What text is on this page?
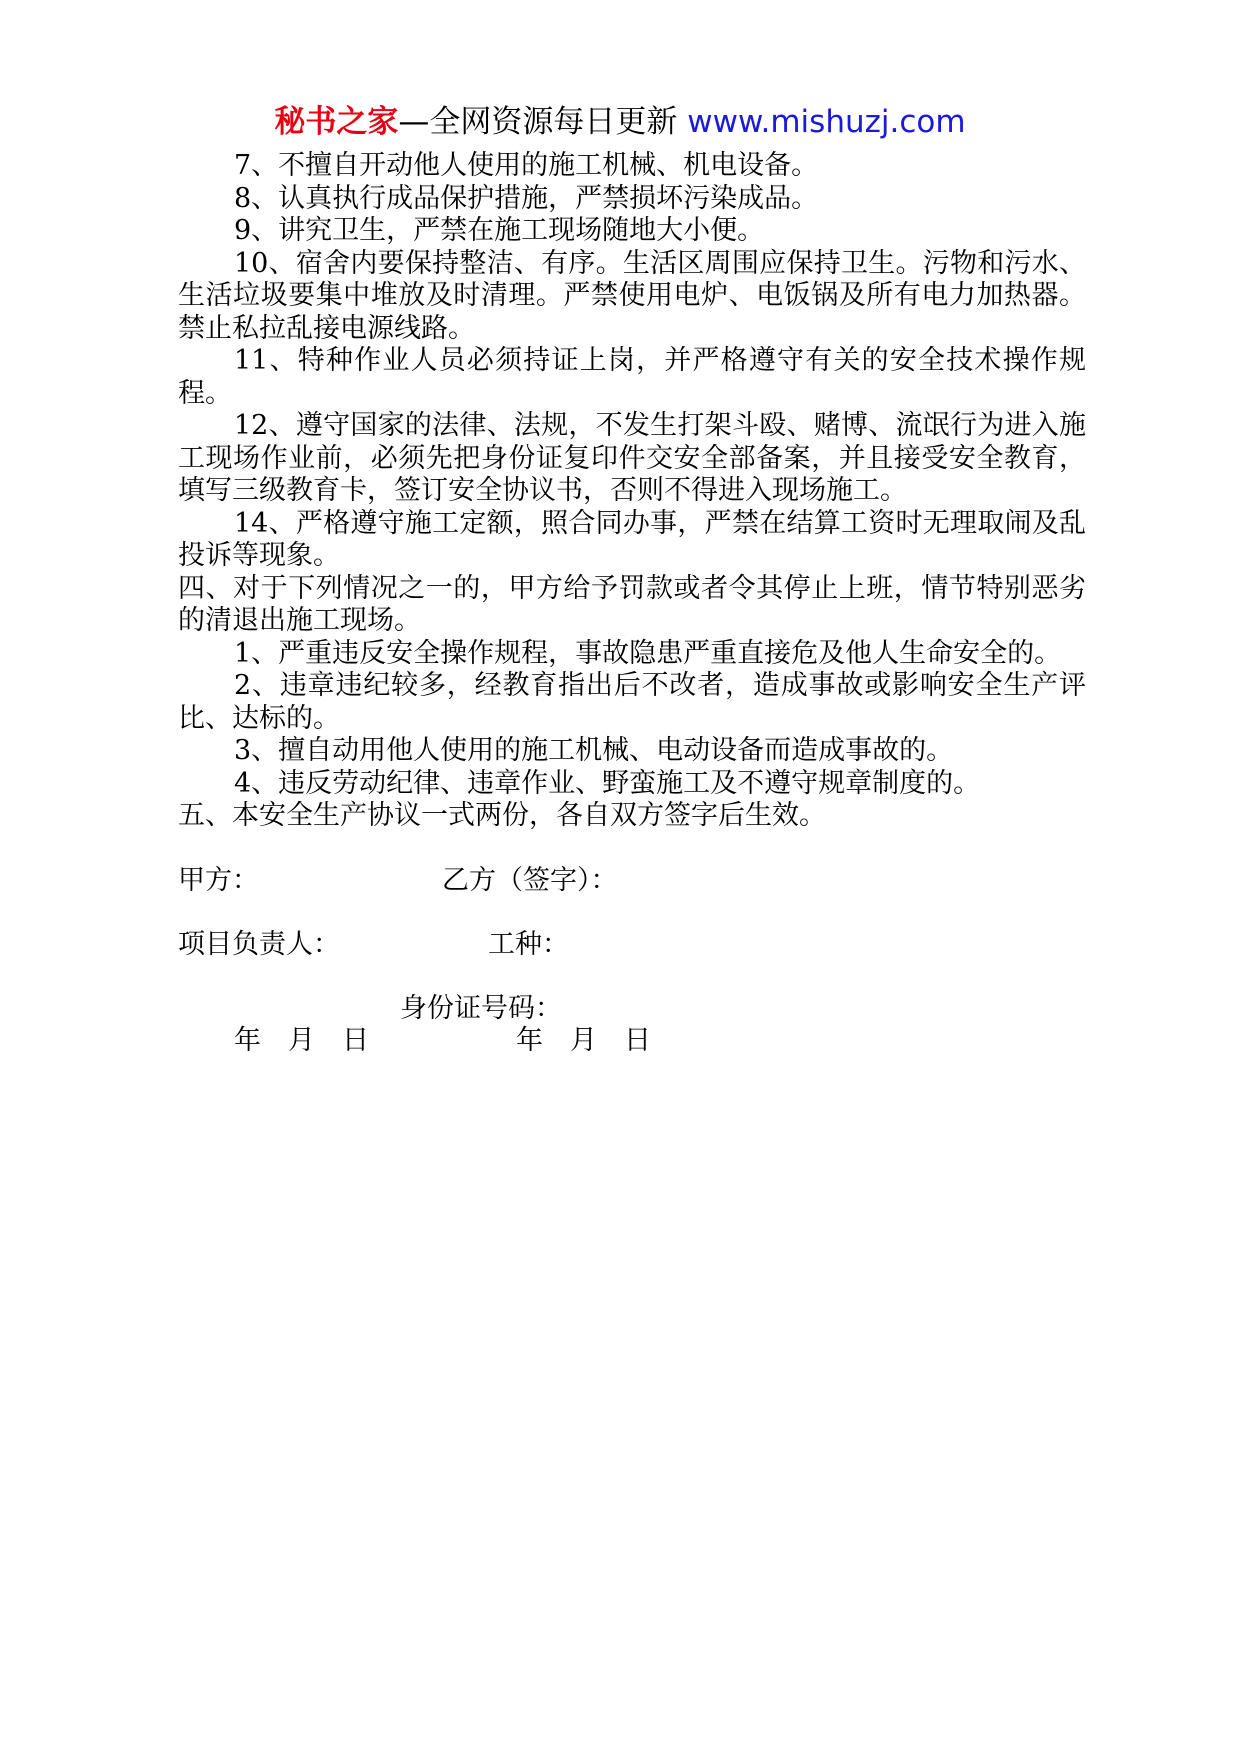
秘书之家—全网资源每日更新 www.mishuzj.com

7、不擅自开动他人使用的施工机械、机电设备。

8、认真执行成品保护措施，严禁损坏污染成品。

9、讲究卫生，严禁在施工现场随地大小便。

10、宿舍内要保持整洁、有序。生活区周围应保持卫生。污物和污水、生活垃圾要集中堆放及时清理。严禁使用电炉、电饭锅及所有电力加热器。禁止私拉乱接电源线路。

11、特种作业人员必须持证上岗，并严格遵守有关的安全技术操作规程。

12、遵守国家的法律、法规，不发生打架斗殴、赌博、流氓行为进入施工现场作业前，必须先把身份证复印件交安全部备案，并且接受安全教育，填写三级教育卡，签订安全协议书，否则不得进入现场施工。

14、严格遵守施工定额，照合同办事，严禁在结算工资时无理取闹及乱投诉等现象。

四、对于下列情况之一的，甲方给予罚款或者令其停止上班，情节特别恶劣的清退出施工现场。

1、严重违反安全操作规程，事故隐患严重直接危及他人生命安全的。

2、违章违纪较多，经教育指出后不改者，造成事故或影响安全生产评比、达标的。

3、擅自动用他人使用的施工机械、电动设备而造成事故的。

4、违反劳动纪律、违章作业、野蛮施工及不遵守规章制度的。

五、本安全生产协议一式两份，各自双方签字后生效。

甲方：	乙方（签字）：
项目负责人：	工种：
身份证号码：
年　月　日	年　月　日
